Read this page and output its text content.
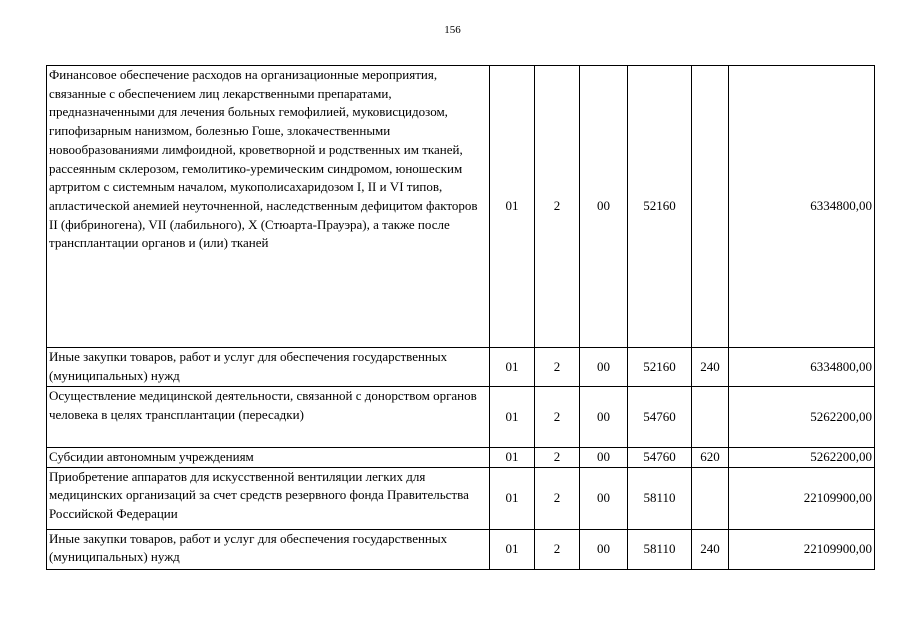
156
Финансовое обеспечение расходов на организационные мероприятия, связанные с обеспечением лиц лекарственными препаратами, предназначенными для лечения больных гемофилией, муковисцидозом, гипофизарным нанизмом, болезнью Гоше, злокачественными новообразованиями лимфоидной, кроветворной и родственных им тканей, рассеянным склерозом, гемолитико-уремическим синдромом, юношеским артритом с системным началом, мукополисахаридозом I, II и VI типов, апластической анемией неуточненной, наследственным дефицитом факторов II (фибриногена), VII (лабильного), X (Стюарта-Прауэра), а также после трансплантации органов и (или) тканей	01	2	00	52160		6334800,00
Иные закупки товаров, работ и услуг для обеспечения государственных (муниципальных) нужд	01	2	00	52160	240	6334800,00
Осуществление медицинской деятельности, связанной с донорством органов человека в целях трансплантации (пересадки)	01	2	00	54760		5262200,00
Субсидии автономным учреждениям	01	2	00	54760	620	5262200,00
Приобретение аппаратов для искусственной вентиляции легких для медицинских организаций за счет средств резервного фонда Правительства Российской Федерации	01	2	00	58110		22109900,00
Иные закупки товаров, работ и услуг для обеспечения государственных (муниципальных) нужд	01	2	00	58110	240	22109900,00
